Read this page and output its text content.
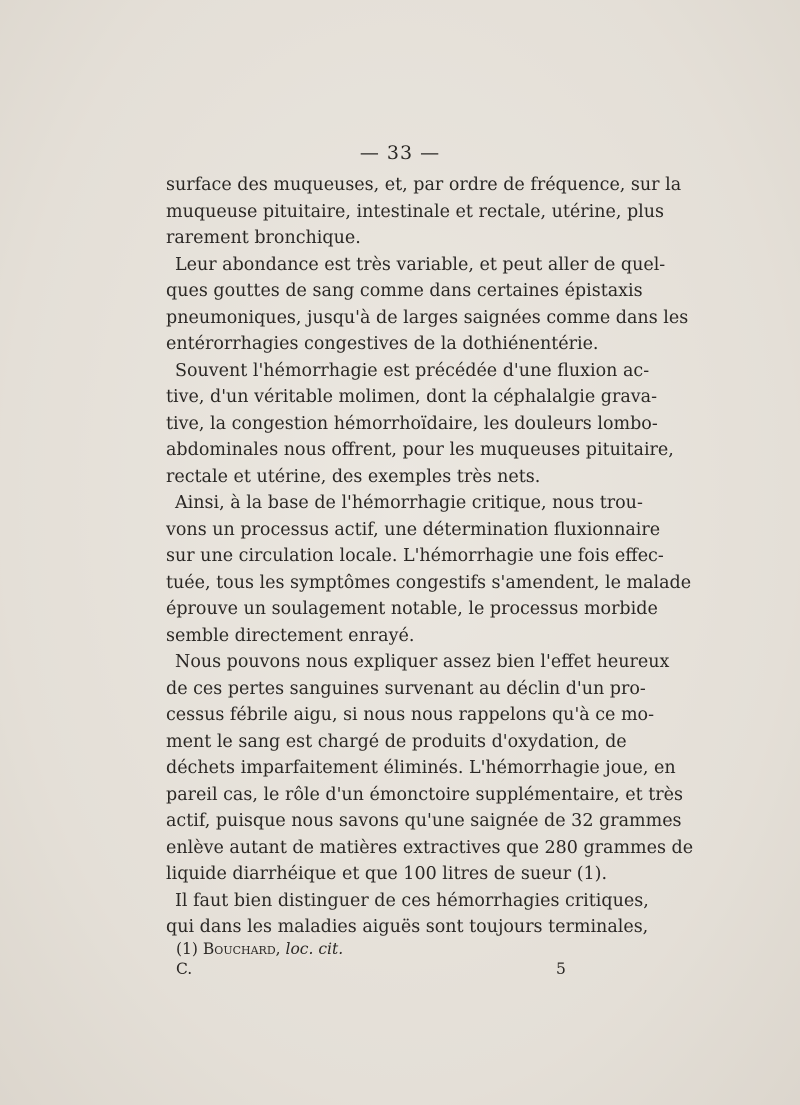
— 33 —
surface des muqueuses, et, par ordre de fréquence, sur la
muqueuse pituitaire, intestinale et rectale, utérine, plus
rarement bronchique.
Leur abondance est très variable, et peut aller de quel-
ques gouttes de sang comme dans certaines épistaxis
pneumoniques, jusqu'à de larges saignées comme dans les
entérorrhagies congestives de la dothiénentérie.
Souvent l'hémorrhagie est précédée d'une fluxion ac-
tive, d'un véritable molimen, dont la céphalalgie grava-
tive, la congestion hémorrhoïdaire, les douleurs lombo-
abdominales nous offrent, pour les muqueuses pituitaire,
rectale et utérine, des exemples très nets.
Ainsi, à la base de l'hémorrhagie critique, nous trou-
vons un processus actif, une détermination fluxionnaire
sur une circulation locale. L'hémorrhagie une fois effec-
tuée, tous les symptômes congestifs s'amendent, le malade
éprouve un soulagement notable, le processus morbide
semble directement enrayé.
Nous pouvons nous expliquer assez bien l'effet heureux
de ces pertes sanguines survenant au déclin d'un pro-
cessus fébrile aigu, si nous nous rappelons qu'à ce mo-
ment le sang est chargé de produits d'oxydation, de
déchets imparfaitement éliminés. L'hémorrhagie joue, en
pareil cas, le rôle d'un émonctoire supplémentaire, et très
actif, puisque nous savons qu'une saignée de 32 grammes
enlève autant de matières extractives que 280 grammes de
liquide diarrhéique et que 100 litres de sueur (1).
Il faut bien distinguer de ces hémorrhagies critiques,
qui dans les maladies aiguës sont toujours terminales,
(1) Bouchard, loc. cit.
C.	5
